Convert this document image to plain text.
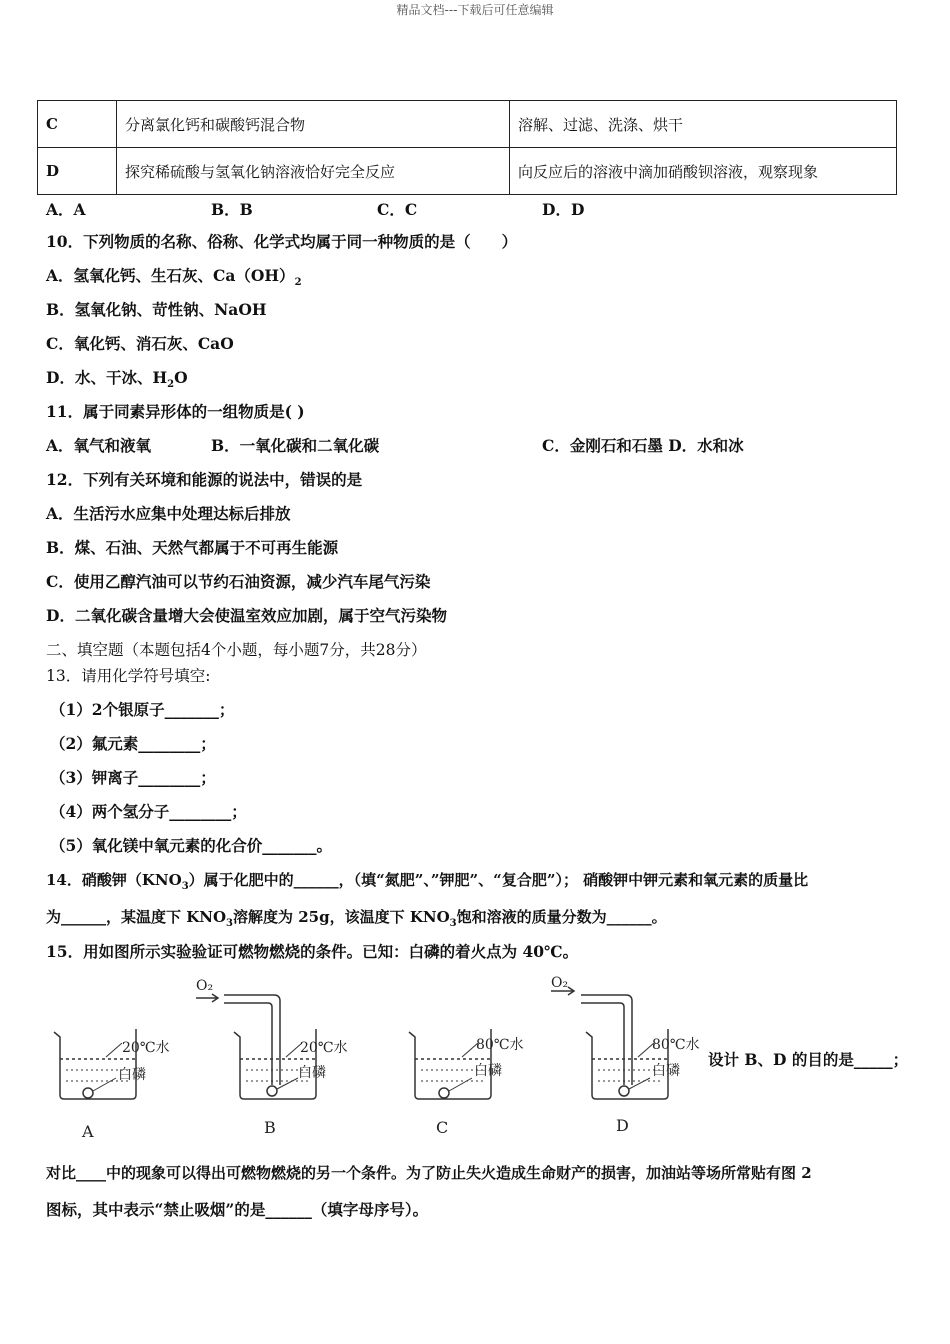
精品文档---下载后可任意编辑
C	分离氯化钙和碳酸钙混合物	溶解、过滤、洗涤、烘干
D	探究稀硫酸与氢氧化钠溶液恰好完全反应	向反应后的溶液中滴加硝酸钡溶液，观察现象
A．A	B．B	C．C	D．D
10．下列物质的名称、俗称、化学式均属于同一种物质的是（　　）
A．氢氧化钙、生石灰、$Ca(OH)_2$
B．氢氧化钠、苛性钠、NaOH
C．氧化钙、消石灰、CaO
D．水、干冰、$H_2O$
11．属于同素异形体的一组物质是( )
A．氧气和液氧	B．一氧化碳和二氧化碳	C．金刚石和石墨 D．水和冰
12．下列有关环境和能源的说法中，错误的是
A．生活污水应集中处理达标后排放
B．煤、石油、天然气都属于不可再生能源
C．使用乙醇汽油可以节约石油资源，减少汽车尾气污染
D．二氧化碳含量增大会使温室效应加剧，属于空气污染物
二、填空题（本题包括4个小题，每小题7分，共28分）
13．请用化学符号填空:
（1）2个银原子_______；
（2）氟元素________；
（3）钾离子________；
（4）两个氢分子________；
（5）氧化镁中氧元素的化合价_______。
14．硝酸钾$(KNO_3)$属于化肥中的______，（填“氮肥”、”钾肥”、“复合肥”）； 硝酸钾中钾元素和氧元素的质量比
为______，某温度下 $KNO_3$溶解度为 25g，该温度下 $KNO_3$饱和溶液的质量分数为______。
15．用如图所示实验验证可燃物燃烧的条件。已知：白磷的着火点为 40℃。
O₂	O₂
20℃水
白磷
20℃水
白磷
80℃水
白磷
80℃水
白磷
A	B	C	D
设计 B、D 的目的是_____；
对比____中的现象可以得出可燃物燃烧的另一个条件。为了防止失火造成生命财产的损害，加油站等场所常贴有图 2
图标，其中表示“禁止吸烟”的是______（填字母序号）。
